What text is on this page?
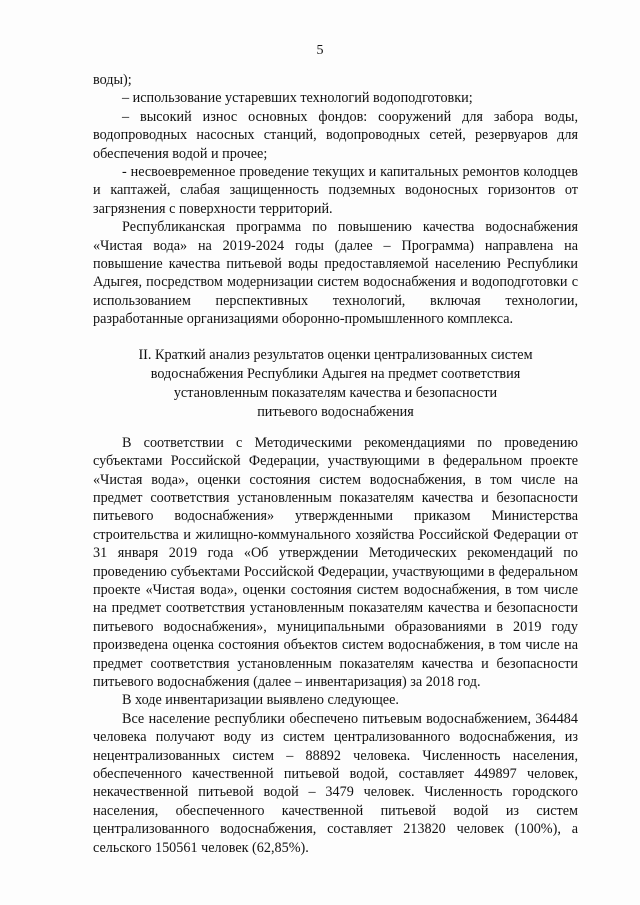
5

воды);

– использование устаревших технологий водоподготовки;

– высокий износ основных фондов: сооружений для забора воды, водопроводных насосных станций, водопроводных сетей, резервуаров для обеспечения водой и прочее;

- несвоевременное проведение текущих и капитальных ремонтов колодцев и каптажей, слабая защищенность подземных водоносных горизонтов от загрязнения с поверхности территорий.

Республиканская программа по повышению качества водоснабжения «Чистая вода» на 2019-2024 годы (далее – Программа) направлена на повышение качества питьевой воды предоставляемой населению Республики Адыгея, посредством модернизации систем водоснабжения и водоподготовки с использованием перспективных технологий, включая технологии, разработанные организациями оборонно-промышленного комплекса.

II. Краткий анализ результатов оценки централизованных систем
водоснабжения Республики Адыгея на предмет соответствия
установленным показателям качества и безопасности
питьевого водоснабжения

В соответствии с Методическими рекомендациями по проведению субъектами Российской Федерации, участвующими в федеральном проекте «Чистая вода», оценки состояния систем водоснабжения, в том числе на предмет соответствия установленным показателям качества и безопасности питьевого водоснабжения» утвержденными приказом Министерства строительства и жилищно-коммунального хозяйства Российской Федерации от 31 января 2019 года «Об утверждении Методических рекомендаций по проведению субъектами Российской Федерации, участвующими в федеральном проекте «Чистая вода», оценки состояния систем водоснабжения, в том числе на предмет соответствия установленным показателям качества и безопасности питьевого водоснабжения», муниципальными образованиями в 2019 году произведена оценка состояния объектов систем водоснабжения, в том числе на предмет соответствия установленным показателям качества и безопасности питьевого водоснабжения (далее – инвентаризация) за 2018 год.

В ходе инвентаризации выявлено следующее.

Все население республики обеспечено питьевым водоснабжением, 364484 человека получают воду из систем централизованного водоснабжения, из нецентрализованных систем – 88892 человека. Численность населения, обеспеченного качественной питьевой водой, составляет 449897 человек, некачественной питьевой водой – 3479 человек. Численность городского населения, обеспеченного качественной питьевой водой из систем централизованного водоснабжения, составляет 213820 человек (100%), а сельского 150561 человек (62,85%).
